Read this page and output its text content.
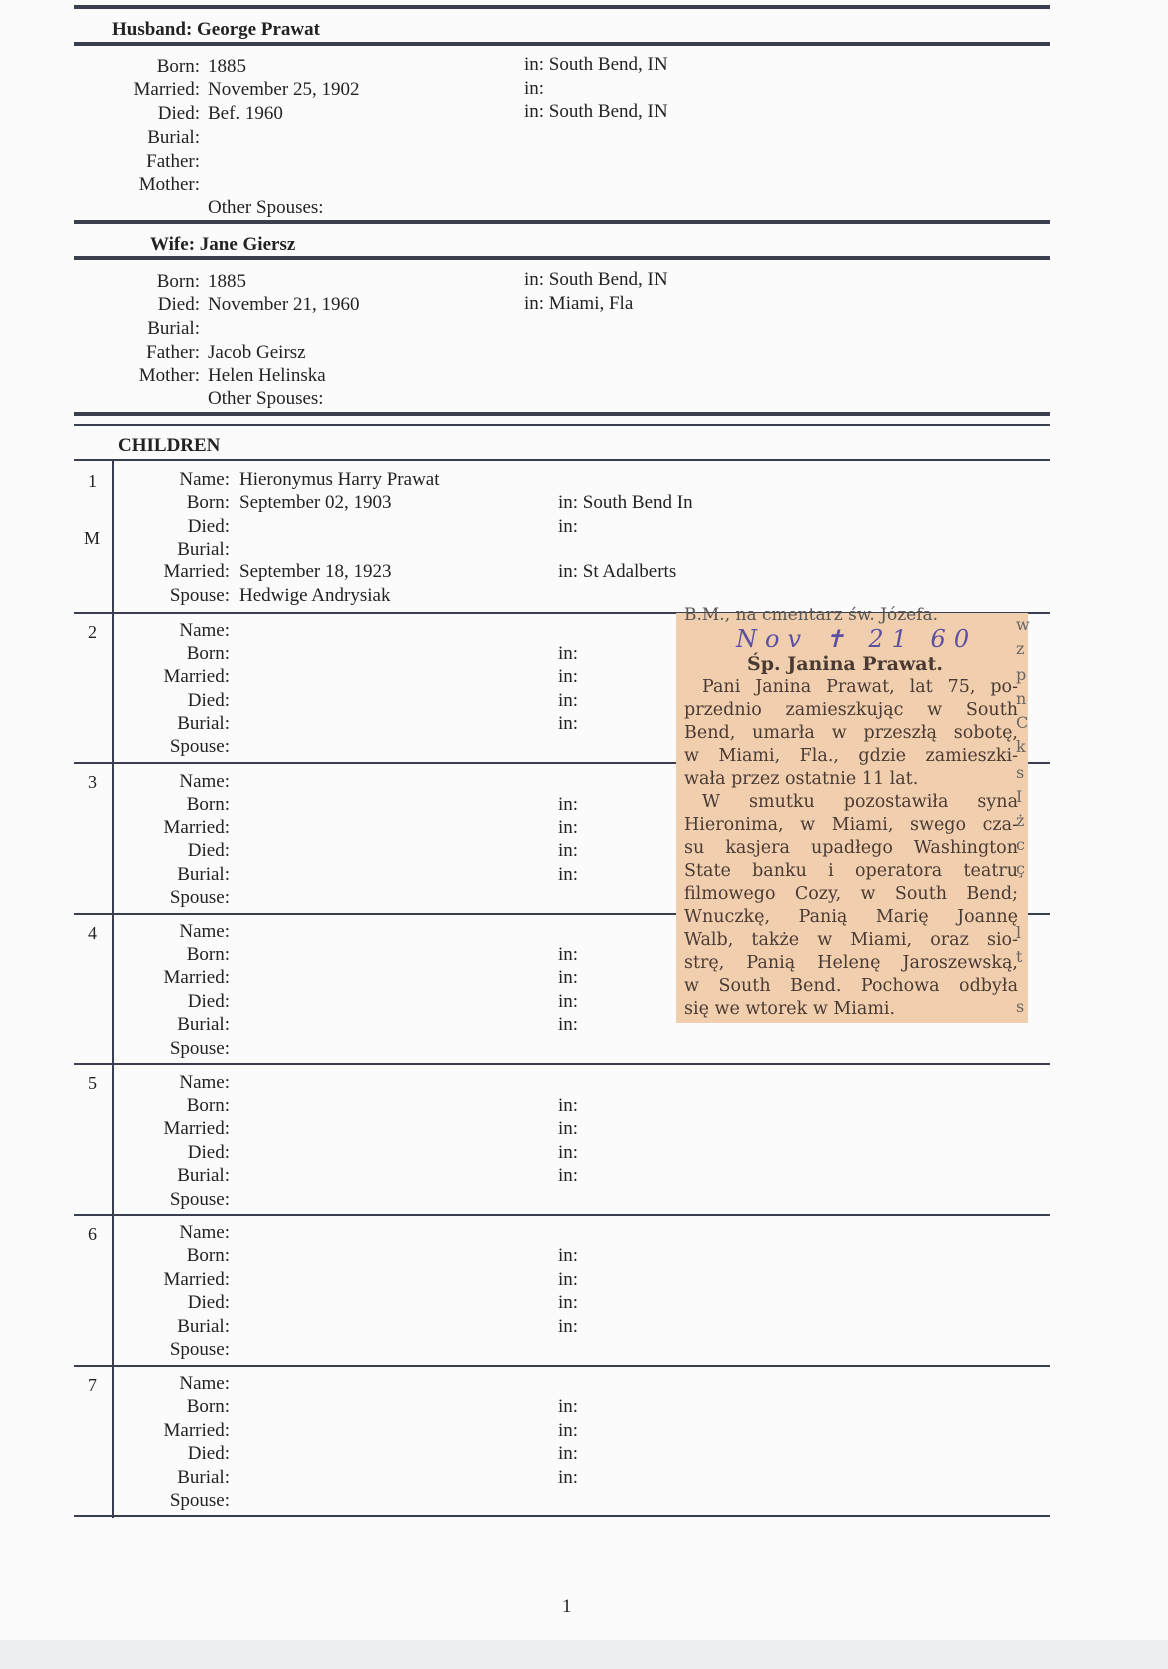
Husband: George Prawat
Born: 1885	in: South Bend, IN
Married: November 25, 1902	in:
Died: Bef. 1960	in: South Bend, IN
Burial:
Father:
Mother:
Other Spouses:
Wife: Jane Giersz
Born: 1885	in: South Bend, IN
Died: November 21, 1960	in: Miami, Fla
Burial:
Father: Jacob Geirsz
Mother: Helen Helinska
Other Spouses:
CHILDREN
1
M
Name: Hieronymus Harry Prawat
Born: September 02, 1903	in: South Bend In
Died:	in:
Burial:
Married: September 18, 1923	in: St Adalberts
Spouse: Hedwige Andrysiak
2	Name:
Born:	in:
Married:	in:
Died:	in:
Burial:	in:
Spouse:
3	Name:
Born:	in:
Married:	in:
Died:	in:
Burial:	in:
Spouse:
4	Name:
Born:	in:
Married:	in:
Died:	in:
Burial:	in:
Spouse:
5	Name:
Born:	in:
Married:	in:
Died:	in:
Burial:	in:
Spouse:
6	Name:
Born:	in:
Married:	in:
Died:	in:
Burial:	in:
Spouse:
7	Name:
Born:	in:
Married:	in:
Died:	in:
Burial:	in:
Spouse:
B.M., na cmentarz św. Józefa.
Nov ✝ 21 60
Śp. Janina Prawat.
Pani Janina Prawat, lat 75, po-
przednio zamieszkując w South
Bend, umarła w przeszłą sobotę,
w Miami, Fla., gdzie zamieszki-
wała przez ostatnie 11 lat.
W smutku pozostawiła syna
Hieronima, w Miami, swego cza-
su kasjera upadłego Washington
State banku i operatora teatru
filmowego Cozy, w South Bend;
Wnuczkę, Panią Marię Joannę
Walb, także w Miami, oraz sio-
strę, Panią Helenę Jaroszewską,
w South Bend. Pochowa odbyła
się we wtorek w Miami.
w
z
p
n
C
k
s
I
ż
c
ç
l
t
s
1
